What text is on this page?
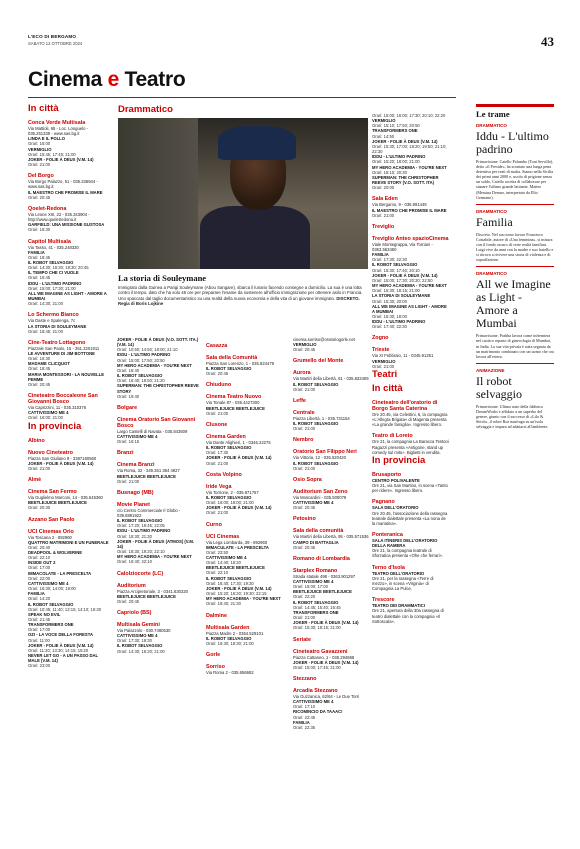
L'ECO DI BERGAMO
SABATO 12 OTTOBRE 2024	43
Cinema e Teatro
In città
Conca Verde Multisala
Via Mattioli, 65 - Loc. Longuelo - 035.251339 - www.sas.bg.it
LINDA E IL POLLO
Orari: 16:00
VERMIGLIO
Orari: 15:45; 17:45; 21:00
JOKER - FOLIE À DEUX (V.M. 14)
Orari: 21:00
Del Borgo
Via Borgo Palazzo, 51 - 035.236944 - www.sas.bg.it
IL MAESTRO CHE PROMISE IL MARE
Orari: 20:45
Qoelet-Redona
Via Leone XIII, 22 - 035.343904 - http://www.qoeletredona.it
GARFIELD: UNA MISSIONE GUSTOSA
Orari: 16:30
Capitol Multisala
Via Tasso, 41 - 035.248330
FAMILIA
Orari: 18:45
IL ROBOT SELVAGGIO
Orari: 14:30; 16:30; 18:30; 20:45
IL TEMPO CHE CI VUOLE
Orari: 16:45
IDDU - L'ULTIMO PADRINO
Orari: 15:00; 17:30; 21:00
ALL WE IMAGINE AS LIGHT - AMORE A MUMBAI
Orari: 14:30; 21:00
Lo Schermo Bianco
Via Daste e Spalenga, 7c
LA STORIA DI SOULEYMANE
Orari: 18:45; 21:00
Cine-Teatro Lottagono
Piazzale San Paolo, 15 - 351.3201911
LE AVVENTURE DI JIM BOTTONE
Orari: 16:30
MADAME CLICQUOT
Orari: 18:45
MARIA MONTESSORI - LA NOUVELLE FEMME
Orari: 20:45
Cineteatro Boccaleone San Giovanni Bosco
Via Caprizzini, 11 - 035.310376
CATTIVISSIMO ME 4
Orari: 16:00; 21:00
In provincia
Albino
Nuovo Cineteatro
Piazza San Giuliano 9 - 3387160560
JOKER - FOLIE À DEUX (V.M. 14)
Orari: 21:00
Almè
Cinema San Fermo
Via Guglielmo Marconi, 14 - 035.545360
BEETLEJUICE BEETLEJUICE
Orari: 20:30
Azzano San Paolo
UCI Cinemas Orio
Via Toscana 2 - 892960
QUATTRO MATRIMONI E UN FUNERALE
Orari: 20:40
DEADPOOL & WOLVERINE
Orari: 22:10
INSIDE OUT 2
Orari: 17:00
IMMACOLATE - LA PRESCELTA
Orari: 22:00
CATTIVISSIMO ME 4
Orari: 16:30; 14:00; 19:00
FAMILIA
Orari: 14:20
IL ROBOT SELVAGGIO
Orari: 10:45; 11:40; 13:15; 14:10; 15:30
SPEAK NO EVIL
Orari: 21:45
TRANSFORMERS ONE
Orari: 17:00
OZI - LA VOCE DELLA FORESTA
Orari: 11:00
JOKER - FOLIE À DEUX (V.M. 14)
Orari: 11:20; 13:30; 14:15; 15:20
NEVER LET GO - A UN PASSO DAL MALE (V.M. 14)
Orari: 23:00
Drammatico
La storia di Souleymane
Immigrato dalla Guinea a Parigi Souleymane (Abou Sangare), sbarca il lunario facendo consegne a domicilio. La sua è una lotta contro il tempo, dato che ha solo 48 ore per preparare l'esame da sostenere all'ufficio immigrazione per ottenere asilo in Francia. Uno spaccato dal taglio documentaristico su una realtà della nuova economia e della vita di un giovane immigrato. DISCRETO. Regia di Boris Lojkine
JOKER - FOLIE À DEUX (V.O. SOTT. ITA.) (V.M. 14)
Orari: 10:50; 14:50; 18:00; 21:10
IDDU - L'ULTIMO PADRINO
Orari: 15:00; 17:50; 20:50
MY HERO ACADEMIA - YOU'RE NEXT
Orari: 16:40
IL ROBOT SELVAGGIO
Orari: 16:40; 18:50; 21:20
SUPERMAN: THE CHRISTOPHER REEVE STORY
Orari: 19:40
Bolgare
Cinema Oratorio San Giovanni Bosco
Largo Castelli di Navata - 035.843509
CATTIVISSIMO ME 4
Orari: 16:15
Branzi
Cinema Branzi
Via Roma, 32 - 349.351 384 4927
BEETLEJUICE BEETLEJUICE
Orari: 21:00
Busnago (MB)
Movie Planet
c/o Centro Commerciale Il Globo - 039.6891922
IL ROBOT SELVAGGIO
Orari: 17:20; 19:45; 22:05
IDDU - L'ULTIMO PADRINO
Orari: 18:30; 21:30
JOKER - FOLIE À DEUX (ATMOS) (V.M. 14)
Orari: 18:30; 19:20; 22:10
MY HERO ACADEMIA - YOU'RE NEXT
Orari: 16:40; 22:10
Calolziocorte (LC)
Auditorium
Piazza Arcipretoriale, 3 - 0341.630320
BEETLEJUICE BEETLEJUICE
Orari: 20:45
Capriolo (BS)
Multisala Gemini
Via Palazzolo - 030.7460530
CATTIVISSIMO ME 4
Orari: 17:30; 19:30
IL ROBOT SELVAGGIO
Orari: 14:30; 16:20; 21:00
Casazza
Sala della Comunità
Piazza San Lorenzo, 1 - 035.824479
IL ROBOT SELVAGGIO
Orari: 20:45
Chiuduno
Cinema Teatro Nuovo
Via Tonale 87 - 035.4427300
BEETLEJUICE BEETLEJUICE
Orari: 21:00
Clusone
Cinema Garden
Via Dante Alighieri, 1 - 0346.22275
IL ROBOT SELVAGGIO
Orari: 17:30
JOKER - FOLIE À DEUX (V.M. 14)
Orari: 21:00
Costa Volpino
Iride Vega
Via Torrione, 2 - 035.971757
IL ROBOT SELVAGGIO
Orari: 16:00; 18:00; 21:00
JOKER - FOLIE À DEUX (V.M. 14)
Orari: 21:00
Curno
UCI Cinemas
Via Lega Lombarda, 39 - 892960
IMMACULATE - LA PRESCELTA
Orari: 23:50
CATTIVISSIMO ME 4
Orari: 14:40; 16:20
BEETLEJUICE BEETLEJUICE
Orari: 22:10
IL ROBOT SELVAGGIO
Orari: 16:40; 17:30; 19:30
JOKER - FOLIE À DEUX (V.M. 14)
Orari: 15:20; 16:20; 19:30; 22:15
MY HERO ACADEMIA - YOU'RE NEXT
Orari: 18:40; 21:30
Dalmine
Multisala Garden
Piazza Madre 2 - 0364.529101
IL ROBOT SELVAGGIO
Orari: 16:30; 18:30; 21:00
Gorle
Sorriso
Via Roma 2 - 035.656682
cinema.sorriso@oratoriogorle.net
VERMIGLIO
Orari: 20:45
Grumello del Monte
Aurora
Via Martiri della Libertà, 61 - 035.833409
IL ROBOT SELVAGGIO
Orari: 21:00
Leffe
Centrale
Piazza Libertà, 1 - 035.731154
IL ROBOT SELVAGGIO
Orari: 21:00
Nembro
Oratorio San Filippo Neri
Via Vittoria, 12 - 035.520420
IL ROBOT SELVAGGIO
Orari: 21:00
Osio Sopra
Auditorium San Zeno
Via Moscardini - 035.500079
CATTIVISSIMO ME 4
Orari: 20:45
Petosino
Sala della comunità
Via Martiri della Libertà, 95 - 035.571536
CAMPO DI BATTAGLIA
Orari: 20:45
Romano di Lombardia
Starplex Romano
Strada statale 498 - 0363.901297
CATTIVISSIMO ME 4
Orari: 15:00; 17:00
BEETLEJUICE BEETLEJUICE
Orari: 22:20
IL ROBOT SELVAGGIO
Orari: 14:45; 15:40; 16:45
TRANSFORMERS ONE
Orari: 21:00
JOKER - FOLIE À DEUX (V.M. 14)
Orari: 15:30; 18:15; 21:00
Seriate
Cineteatro Gavazzeni
Piazza Cattaneo, 1 - 035.294868
JOKER - FOLIE À DEUX (V.M. 14)
Orari: 15:00; 17:45; 21:00
Stezzano
Arcadia Stezzano
Via Guzzanica, 62/64 - Le Due Torri
CATTIVISSIMO ME 4
Orari: 17:10
RICOMINCIO DA TAAAC!
Orari: 22:45
FAMILIA
Orari: 22:35
Orari: 15:00; 16:00; 17:30; 20:10; 22:20
VERMIGLIO
Orari: 15:10; 17:50; 20:50
TRANSFORMERS ONE
Orari: 14:50
JOKER - FOLIE À DEUX (V.M. 14)
Orari: 15:30; 17:00; 18:20; 19:50; 21:10; 22:30
IDDU - L'ULTIMO PADRINO
Orari: 15:20; 18:00; 21:00
MY HERO ACADEMIA - YOU'RE NEXT
Orari: 18:10; 20:30
SUPERMAN: THE CHRISTOPHER REEVE STORY (V.O. SOTT. ITA)
Orari: 20:00
Sala Eden
Via Bergamo, 9 - 035.991449
IL MAESTRO CHE PROMISE IL MARE
Orari: 21:00
Treviglio
Treviglio Anteo spazioCinema
Viale Montegrappa, Via Torriani - 0363.563460
FAMILIA
Orari: 17:30; 22:30
IL ROBOT SELVAGGIO
Orari: 15:30; 17:40; 20:10
JOKER - FOLIE À DEUX (V.M. 14)
Orari: 15:00; 17:30; 20:20; 22:50
MY HERO ACADEMIA - YOU'RE NEXT
Orari: 15:30; 18:15; 21:00
LA STORIA DI SOULEYMANE
Orari: 15:30; 20:00
ALL WE IMAGINE AS LIGHT - AMORE A MUMBAI
Orari: 15:30; 18:00
IDDU - L'ULTIMO PADRINO
Orari: 17:40; 22:30
Zogno
Trieste
Via XI Febbraio, 11 - 0345.91251
VERMIGLIO
Orari: 21:00
Teatri
In città
Cineteatro dell'oratorio di Borgo Santa Caterina
Ore 20.45, via Celestini, 6, la compagnia «L'Allegra Brigata» di Magenta presenta «La grande famiglia». Ingresso libero.
Teatro di Loreto
Ore 21, la compagnia La Baracca Testoni Ragazzi presenta «Antigone, stand up comedy sul mito». Biglietti in vendita.
In provincia
Brusaporto
CENTRO POLIVALENTE
Ore 21, via San Martino, in scena «Tanto per ridere». Ingresso libero.
Pagnano
SALA DELL'ORATORIO
Ore 20.45, l'associazione della rassegna teatrale dialettale presenta «La nona de la mariatina».
Ponteranica
SALA ITINERIS DELL'ORATORIO DELLA RAMERA
Ore 21, la compagnia teatrale di Sforzatica presenta «Ohe che ferrari».
Terno d'Isola
TEATRO DELL'ORATORIO
Ore 21, per la rassegna «Terre di mezzo», in scena «Virginia» di Compagnia La Pulce.
Trescore
TEATRO DEI DRAMMATICI
Ore 21, apertura della 30a rassegna di teatro dialettale con la compagnia «Il Sottoscala».
Le trame
DRAMMATICO
Iddu - L'ultimo padrino
Primavisione. Catello Palumbo (Toni Servillo), detto «il Preside», ha scontato una lunga pena detentiva per reati di mafia. Siamo nella Sicilia dei primi anni 2000 e, uscito di prigione senza un soldo, Catello accetta di collaborare per stanare l'ultimo grande latitante, Matteo (Messina Denaro, interpretato da Elio Germano).
DRAMMATICO
Familia
Discreto. Nel suo nono lavoro Francesco Costabile, autore di «Una femmina», si misura con il fondo oscuro di certe realtà familiari. Luigi vive da anni con la madre e suo fratello e si ritrova a rivivere una storia di violenza e di sopraffazione.
DRAMMATICO
All we Imagine as Light - Amore a Mumbai
Primavisione. Prabha lavora come infermiera nel caotico reparto di ginecologia di Mumbai, in India. La sua vita privata è stata segnata da un matrimonio combinato con un uomo che ora lavora all'estero.
ANIMAZIONE
Il robot selvaggio
Primavisione. Ultimo nato della fabbrica DreamWorks e affidato a un superbo del genere, giunto con il successo di «Lilo & Stitch», il robot Roz naufraga su un'isola selvaggia e impara ad adattarsi all'ambiente.
